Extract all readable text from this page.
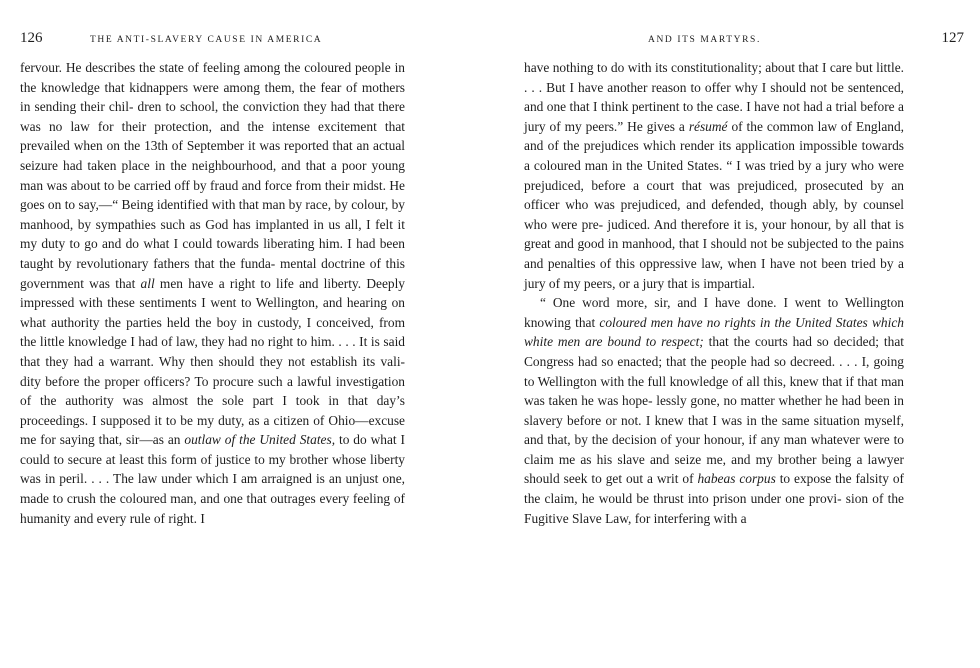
126	THE ANTI-SLAVERY CAUSE IN AMERICA

fervour. He describes the state of feeling among the coloured people in the knowledge that kidnappers were among them, the fear of mothers in sending their chil- dren to school, the conviction they had that there was no law for their protection, and the intense excitement that prevailed when on the 13th of September it was reported that an actual seizure had taken place in the neighbourhood, and that a poor young man was about to be carried off by fraud and force from their midst. He goes on to say,—“ Being identified with that man by race, by colour, by manhood, by sympathies such as God has implanted in us all, I felt it my duty to go and do what I could towards liberating him. I had been taught by revolutionary fathers that the funda- mental doctrine of this government was that all men have a right to life and liberty. Deeply impressed with these sentiments I went to Wellington, and hearing on what authority the parties held the boy in custody, I conceived, from the little knowledge I had of law, they had no right to him. . . . It is said that they had a warrant. Why then should they not establish its vali- dity before the proper officers? To procure such a lawful investigation of the authority was almost the sole part I took in that day’s proceedings. I supposed it to be my duty, as a citizen of Ohio—excuse me for saying that, sir—as an outlaw of the United States, to do what I could to secure at least this form of justice to my brother whose liberty was in peril. . . . The law under which I am arraigned is an unjust one, made to crush the coloured man, and one that outrages every feeling of humanity and every rule of right. I

AND ITS MARTYRS.	127

have nothing to do with its constitutionality; about that I care but little. . . . But I have another reason to offer why I should not be sentenced, and one that I think pertinent to the case. I have not had a trial before a jury of my peers.” He gives a résumé of the common law of England, and of the prejudices which render its application impossible towards a coloured man in the United States. “ I was tried by a jury who were prejudiced, before a court that was prejudiced, prosecuted by an officer who was prejudiced, and defended, though ably, by counsel who were pre- judiced. And therefore it is, your honour, by all that is great and good in manhood, that I should not be subjected to the pains and penalties of this oppressive law, when I have not been tried by a jury of my peers, or a jury that is impartial.

“ One word more, sir, and I have done. I went to Wellington knowing that coloured men have no rights in the United States which white men are bound to respect; that the courts had so decided; that Congress had so enacted; that the people had so decreed. . . . I, going to Wellington with the full knowledge of all this, knew that if that man was taken he was hope- lessly gone, no matter whether he had been in slavery before or not. I knew that I was in the same situation myself, and that, by the decision of your honour, if any man whatever were to claim me as his slave and seize me, and my brother being a lawyer should seek to get out a writ of habeas corpus to expose the falsity of the claim, he would be thrust into prison under one provi- sion of the Fugitive Slave Law, for interfering with a
